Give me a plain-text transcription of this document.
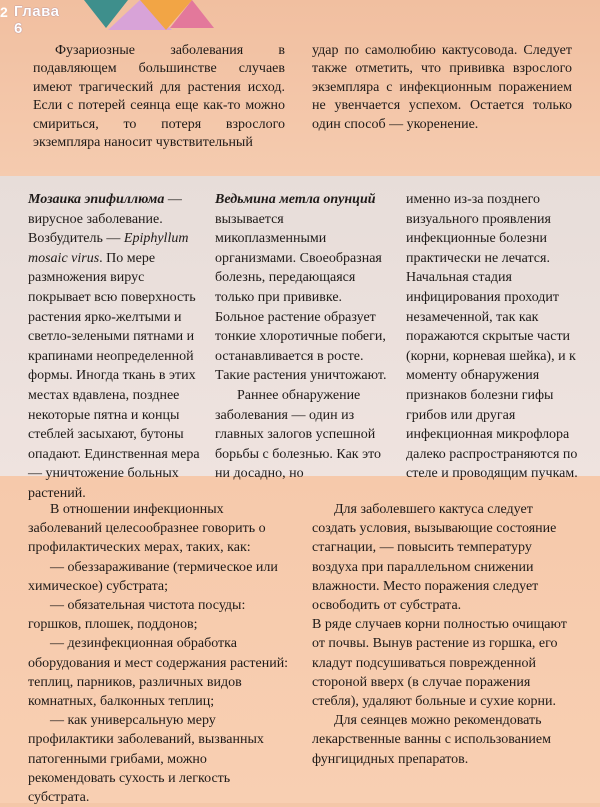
2 Глава 6

Фузариозные заболевания в подавляющем большинстве случаев имеют трагический для растения исход. Если с потерей сеянца еще как-то можно смириться, то потеря взрослого экземпляра наносит чувствительный

удар по самолюбию кактусовода. Следует также отметить, что прививка взрослого экземпляра с инфекционным поражением не увенчается успехом. Остается только один способ — укоренение.

Мозаика эпифиллюма — вирусное заболевание. Возбудитель — Epiphyllum mosaic virus. По мере размножения вирус покрывает всю поверхность растения ярко-желтыми и светло-зелеными пятнами и крапинами неопределенной формы. Иногда ткань в этих местах вдавлена, позднее некоторые пятна и концы стеблей засыхают, бутоны опадают. Единственная мера — уничтожение больных растений.

Ведьмина метла опунций вызывается микоплазменными организмами. Своеобразная болезнь, передающаяся только при прививке. Больное растение образует тонкие хлоротичные побеги, останавливается в росте. Такие растения уничтожают.

Раннее обнаружение заболевания — один из главных залогов успешной борьбы с болезнью. Как это ни досадно, но

именно из-за позднего визуального проявления инфекционные болезни практически не лечатся. Начальная стадия инфицирования проходит незамеченной, так как поражаются скрытые части (корни, корневая шейка), и к моменту обнаружения признаков болезни гифы грибов или другая инфекционная микрофлора далеко распространяются по стеле и проводящим пучкам.

В отношении инфекционных заболеваний целесообразнее говорить о профилактических мерах, таких, как:

— обеззараживание (термическое или химическое) субстрата;

— обязательная чистота посуды: горшков, плошек, поддонов;

— дезинфекционная обработка оборудования и мест содержания растений: теплиц, парников, различных видов комнатных, балконных теплиц;

— как универсальную меру профилактики заболеваний, вызванных патогенными грибами, можно рекомендовать сухость и легкость субстрата.

Для заболевшего кактуса следует создать условия, вызывающие состояние стагнации, — повысить температуру воздуха при параллельном снижении влажности. Место поражения следует освободить от субстрата.

В ряде случаев корни полностью очищают от почвы. Вынув растение из горшка, его кладут подсушиваться поврежденной стороной вверх (в случае поражения стебля), удаляют больные и сухие корни.

Для сеянцев можно рекомендовать лекарственные ванны с использованием фунгицидных препаратов.
